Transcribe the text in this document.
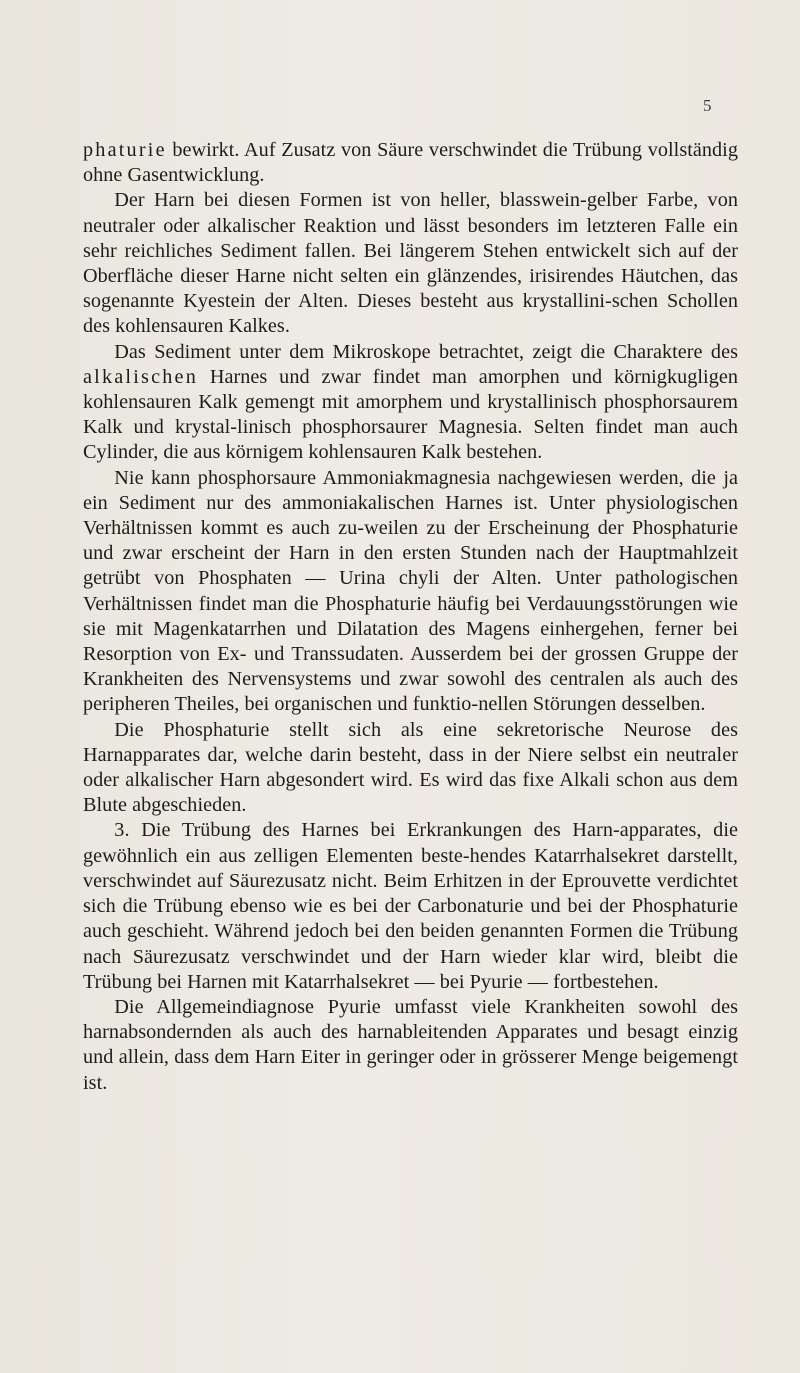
5

phaturie bewirkt. Auf Zusatz von Säure verschwindet die Trübung vollständig ohne Gasentwicklung.

Der Harn bei diesen Formen ist von heller, blasswein-gelber Farbe, von neutraler oder alkalischer Reaktion und lässt besonders im letzteren Falle ein sehr reichliches Sediment fallen. Bei längerem Stehen entwickelt sich auf der Oberfläche dieser Harne nicht selten ein glänzendes, irisirendes Häutchen, das sogenannte Kyestein der Alten. Dieses besteht aus krystallini-schen Schollen des kohlensauren Kalkes.

Das Sediment unter dem Mikroskope betrachtet, zeigt die Charaktere des alkalischen Harnes und zwar findet man amorphen und körnigkugligen kohlensauren Kalk gemengt mit amorphem und krystallinisch phosphorsaurem Kalk und krystal-linisch phosphorsaurer Magnesia. Selten findet man auch Cylinder, die aus körnigem kohlensauren Kalk bestehen.

Nie kann phosphorsaure Ammoniakmagnesia nachgewiesen werden, die ja ein Sediment nur des ammoniakalischen Harnes ist. Unter physiologischen Verhältnissen kommt es auch zu-weilen zu der Erscheinung der Phosphaturie und zwar erscheint der Harn in den ersten Stunden nach der Hauptmahlzeit getrübt von Phosphaten — Urina chyli der Alten. Unter pathologischen Verhältnissen findet man die Phosphaturie häufig bei Verdauungsstörungen wie sie mit Magenkatarrhen und Dilatation des Magens einhergehen, ferner bei Resorption von Ex- und Transsudaten. Ausserdem bei der grossen Gruppe der Krankheiten des Nervensystems und zwar sowohl des centralen als auch des peripheren Theiles, bei organischen und funktio-nellen Störungen desselben.

Die Phosphaturie stellt sich als eine sekretorische Neurose des Harnapparates dar, welche darin besteht, dass in der Niere selbst ein neutraler oder alkalischer Harn abgesondert wird. Es wird das fixe Alkali schon aus dem Blute abgeschieden.

3. Die Trübung des Harnes bei Erkrankungen des Harn-apparates, die gewöhnlich ein aus zelligen Elementen beste-hendes Katarrhalsekret darstellt, verschwindet auf Säurezusatz nicht. Beim Erhitzen in der Eprouvette verdichtet sich die Trübung ebenso wie es bei der Carbonaturie und bei der Phosphaturie auch geschieht. Während jedoch bei den beiden genannten Formen die Trübung nach Säurezusatz verschwindet und der Harn wieder klar wird, bleibt die Trübung bei Harnen mit Katarrhalsekret — bei Pyurie — fortbestehen.

Die Allgemeindiagnose Pyurie umfasst viele Krankheiten sowohl des harnabsondernden als auch des harnableitenden Apparates und besagt einzig und allein, dass dem Harn Eiter in geringer oder in grösserer Menge beigemengt ist.
